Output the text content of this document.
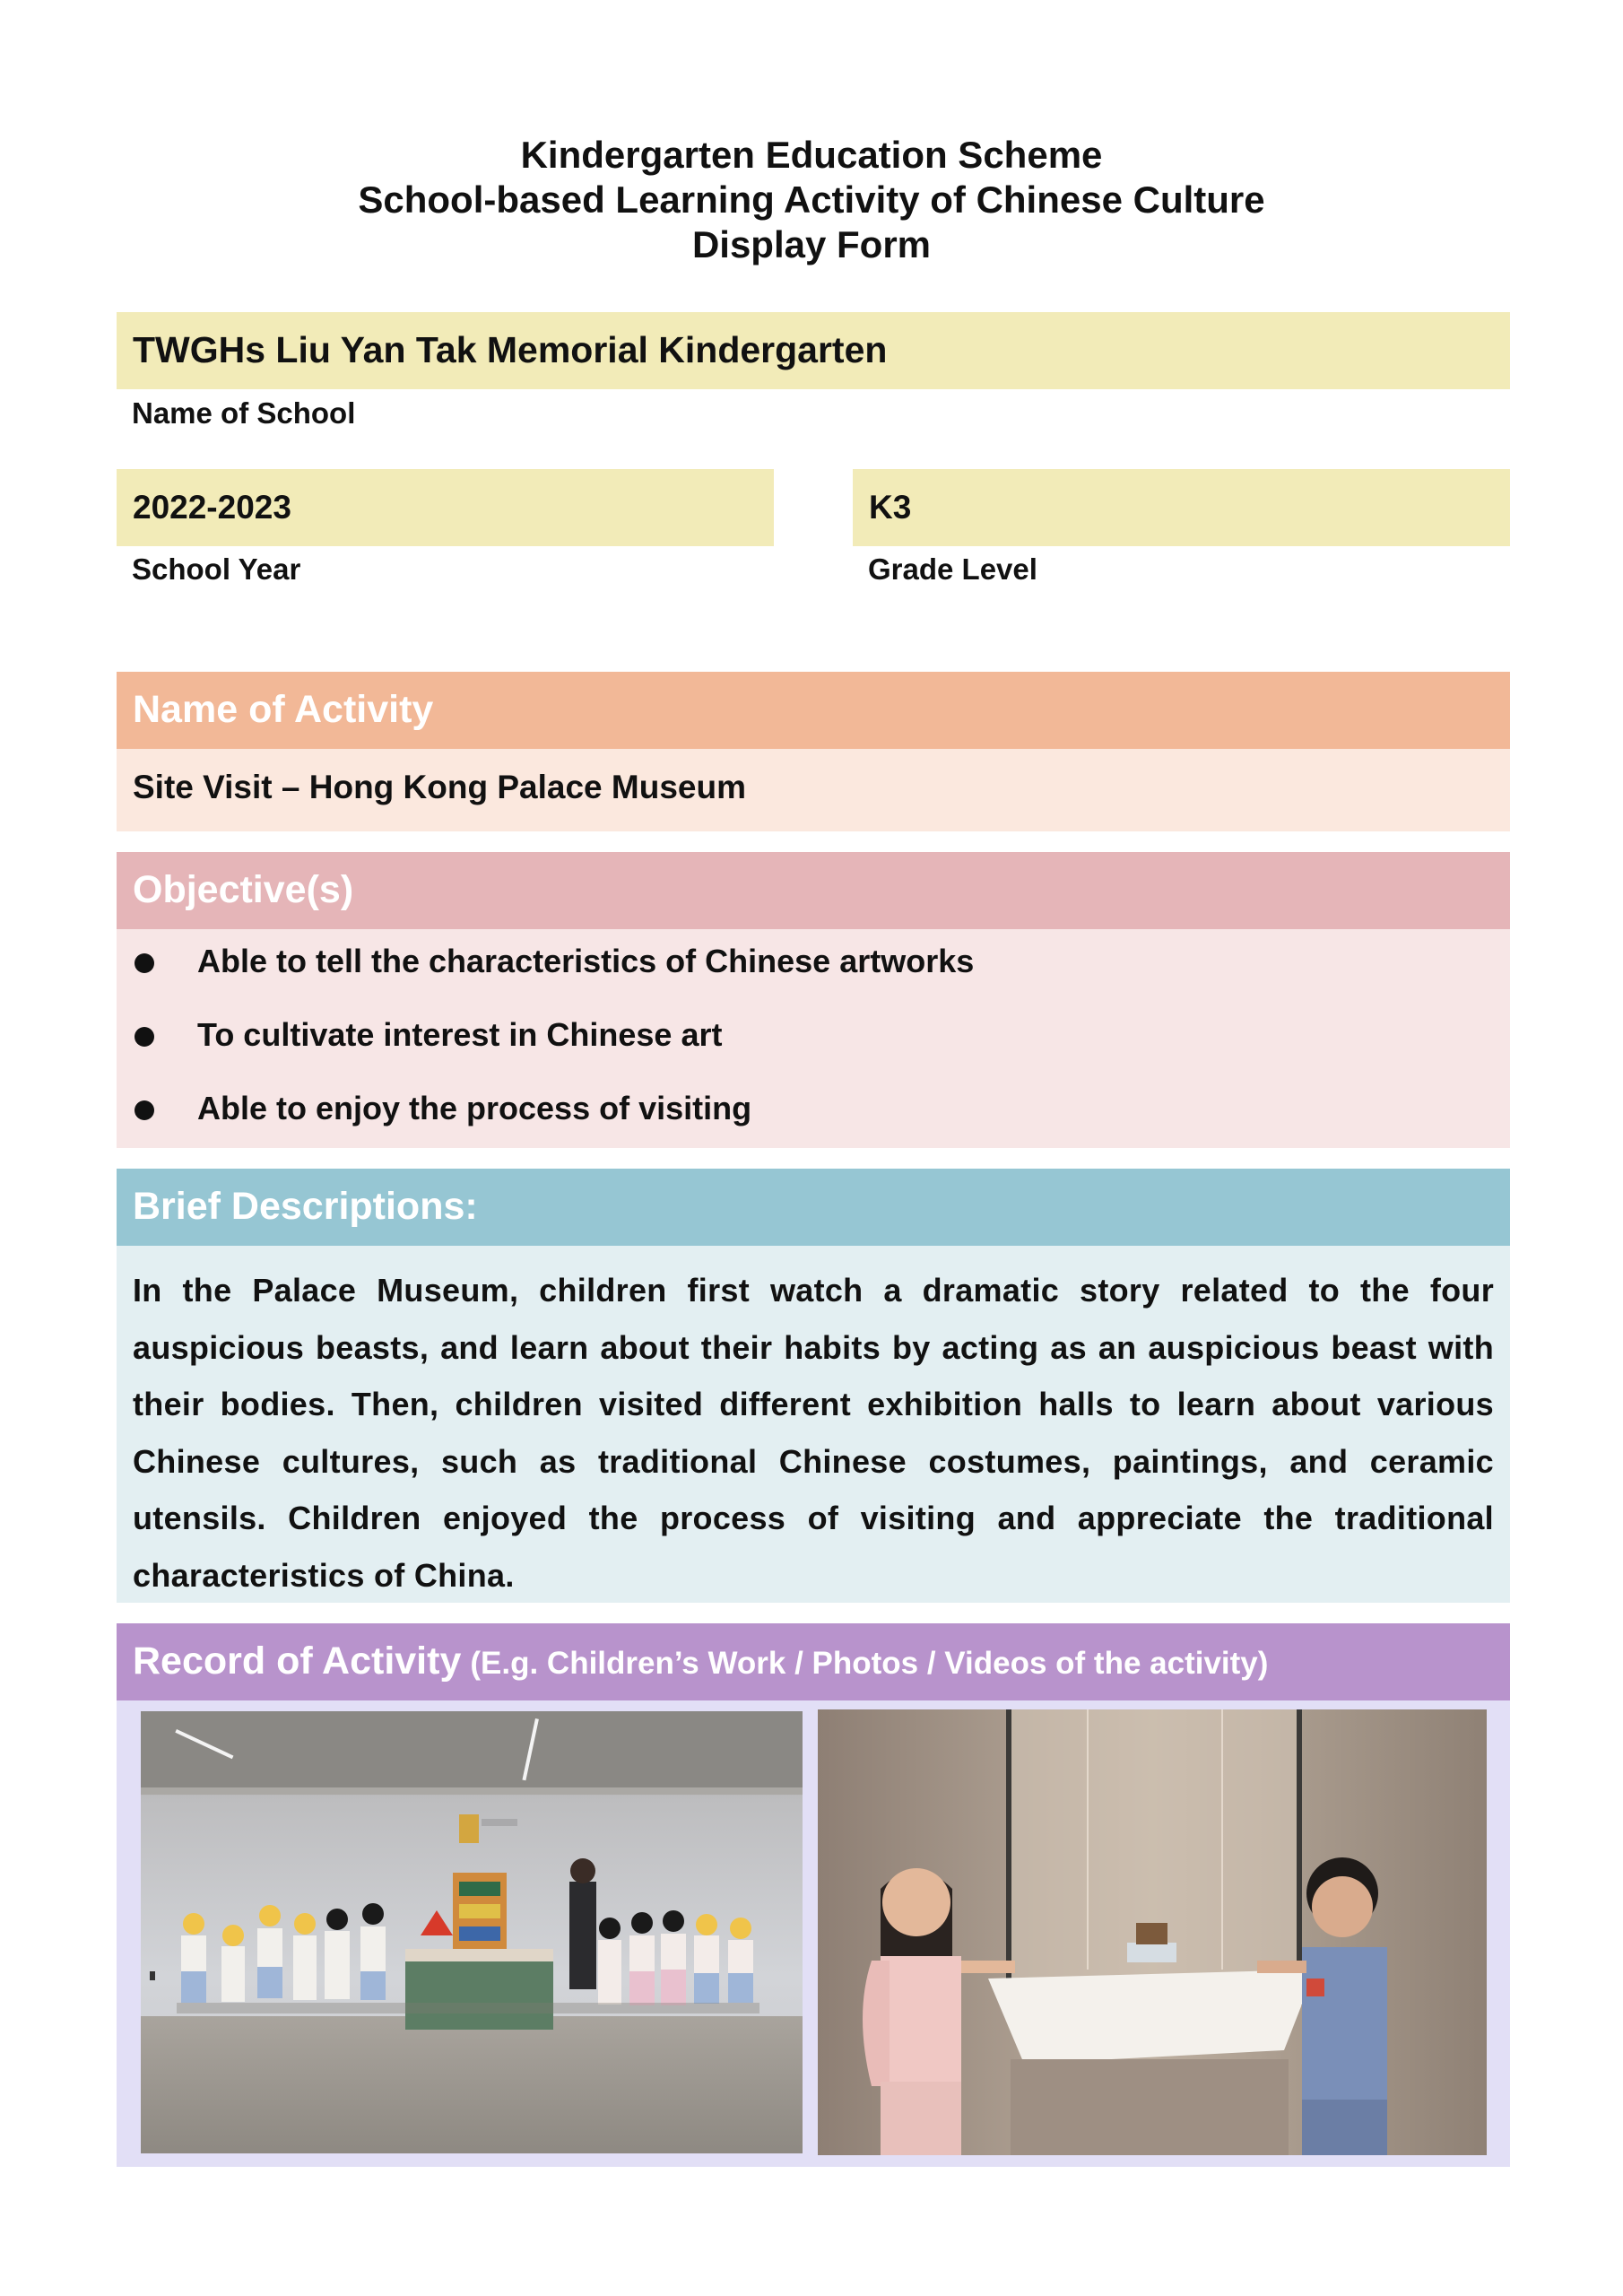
Kindergarten Education Scheme
School-based Learning Activity of Chinese Culture
Display Form
TWGHs Liu Yan Tak Memorial Kindergarten
Name of School
2022-2023
School Year
K3
Grade Level
Name of Activity
Site Visit – Hong Kong Palace Museum
Objective(s)
Able to tell the characteristics of Chinese artworks
To cultivate interest in Chinese art
Able to enjoy the process of visiting
Brief Descriptions:
In the Palace Museum, children first watch a dramatic story related to the four auspicious beasts, and learn about their habits by acting as an auspicious beast with their bodies. Then, children visited different exhibition halls to learn about various Chinese cultures, such as traditional Chinese costumes, paintings, and ceramic utensils. Children enjoyed the process of visiting and appreciate the traditional characteristics of China.
Record of Activity (E.g. Children’s Work / Photos / Videos of the activity)
